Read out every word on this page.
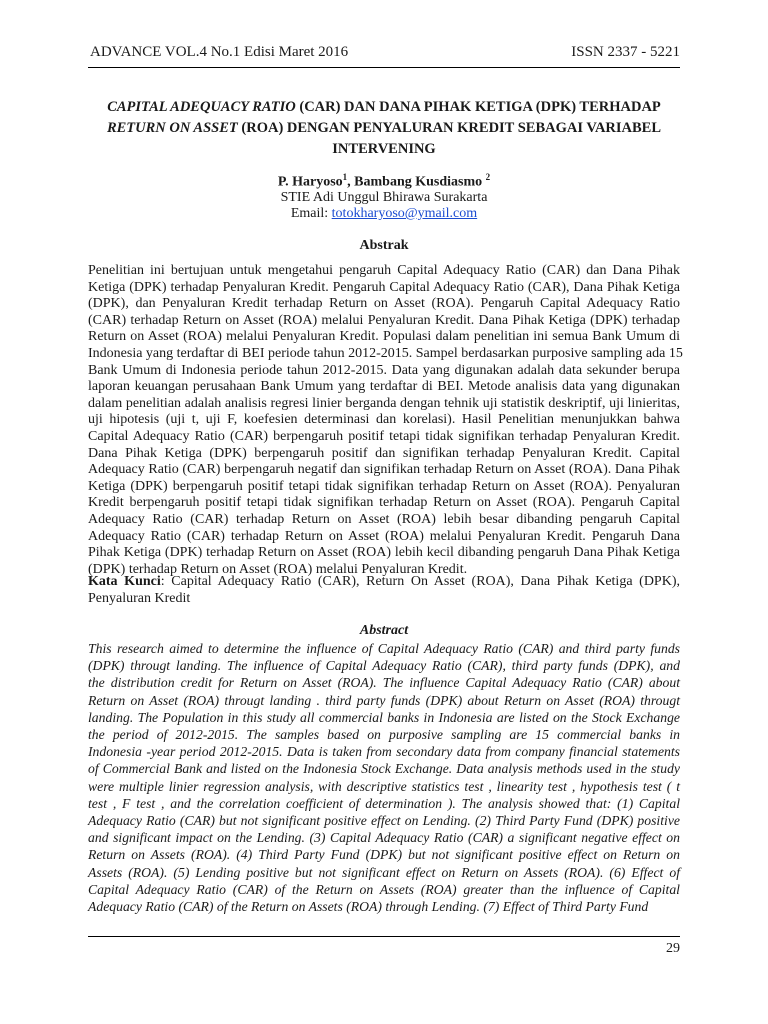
ADVANCE VOL.4 No.1 Edisi Maret 2016	ISSN 2337 - 5221
CAPITAL ADEQUACY RATIO (CAR) DAN DANA PIHAK KETIGA (DPK) TERHADAP
RETURN ON ASSET (ROA) DENGAN PENYALURAN KREDIT SEBAGAI VARIABEL
INTERVENING
P. Haryoso$^1$, Bambang Kusdiasmo $^2$
STIE Adi Unggul Bhirawa Surakarta
Email: totokharyoso@ymail.com
Abstrak
Penelitian ini bertujuan untuk mengetahui pengaruh Capital Adequacy Ratio (CAR) dan Dana Pihak
Ketiga (DPK) terhadap Penyaluran Kredit. Pengaruh Capital Adequacy Ratio (CAR), Dana Pihak Ketiga
(DPK), dan Penyaluran Kredit terhadap Return on Asset (ROA). Pengaruh Capital Adequacy Ratio
(CAR) terhadap Return on Asset (ROA) melalui Penyaluran Kredit. Dana Pihak Ketiga (DPK) terhadap
Return on Asset (ROA) melalui Penyaluran Kredit. Populasi dalam penelitian ini semua Bank Umum di
Indonesia yang terdaftar di BEI periode tahun 2012-2015. Sampel berdasarkan purposive sampling ada 15
Bank Umum di Indonesia periode tahun 2012-2015. Data yang digunakan adalah data sekunder berupa
laporan keuangan perusahaan Bank Umum yang terdaftar di BEI. Metode analisis data yang digunakan
dalam penelitian adalah analisis regresi linier berganda dengan tehnik uji statistik deskriptif, uji linieritas,
uji hipotesis (uji t, uji F, koefesien determinasi dan korelasi). Hasil Penelitian menunjukkan bahwa
Capital Adequacy Ratio (CAR) berpengaruh positif tetapi tidak signifikan terhadap Penyaluran Kredit.
Dana Pihak Ketiga (DPK) berpengaruh positif dan signifikan terhadap Penyaluran Kredit. Capital
Adequacy Ratio (CAR) berpengaruh negatif dan signifikan terhadap Return on Asset (ROA). Dana Pihak
Ketiga (DPK) berpengaruh positif tetapi tidak signifikan terhadap Return on Asset (ROA). Penyaluran
Kredit berpengaruh positif tetapi tidak signifikan terhadap Return on Asset (ROA). Pengaruh Capital
Adequacy Ratio (CAR) terhadap Return on Asset (ROA) lebih besar dibanding pengaruh Capital
Adequacy Ratio (CAR) terhadap Return on Asset (ROA) melalui Penyaluran Kredit. Pengaruh Dana
Pihak Ketiga (DPK) terhadap Return on Asset (ROA) lebih kecil dibanding pengaruh Dana Pihak Ketiga
(DPK) terhadap Return on Asset (ROA) melalui Penyaluran Kredit.
Kata Kunci: Capital Adequacy Ratio (CAR), Return On Asset (ROA), Dana Pihak Ketiga (DPK),
Penyaluran Kredit
Abstract
This research aimed to determine the influence of Capital Adequacy Ratio (CAR) and third party funds
(DPK) througt landing. The influence of Capital Adequacy Ratio (CAR), third party funds (DPK), and
the distribution credit for Return on Asset (ROA). The influence Capital Adequacy Ratio (CAR) about
Return on Asset (ROA) througt landing . third party funds (DPK) about Return on Asset (ROA) througt
landing. The Population in this study all commercial banks in Indonesia are listed on the Stock Exchange
the period of 2012-2015. The samples based on purposive sampling are 15 commercial banks in
Indonesia -year period 2012-2015. Data is taken from secondary data from company financial statements
of Commercial Bank and listed on the Indonesia Stock Exchange. Data analysis methods used in the study
were multiple linier regression analysis, with descriptive statistics test , linearity test , hypothesis test ( t
test , F test , and the correlation coefficient of determination ). The analysis showed that: (1) Capital
Adequacy Ratio (CAR) but not significant positive effect on Lending. (2) Third Party Fund (DPK) positive
and significant impact on the Lending. (3) Capital Adequacy Ratio (CAR) a significant negative effect on
Return on Assets (ROA). (4) Third Party Fund (DPK) but not significant positive effect on Return on
Assets (ROA). (5) Lending positive but not significant effect on Return on Assets (ROA). (6) Effect of
Capital Adequacy Ratio (CAR) of the Return on Assets (ROA) greater than the influence of Capital
Adequacy Ratio (CAR) of the Return on Assets (ROA) through Lending. (7) Effect of Third Party Fund
29
